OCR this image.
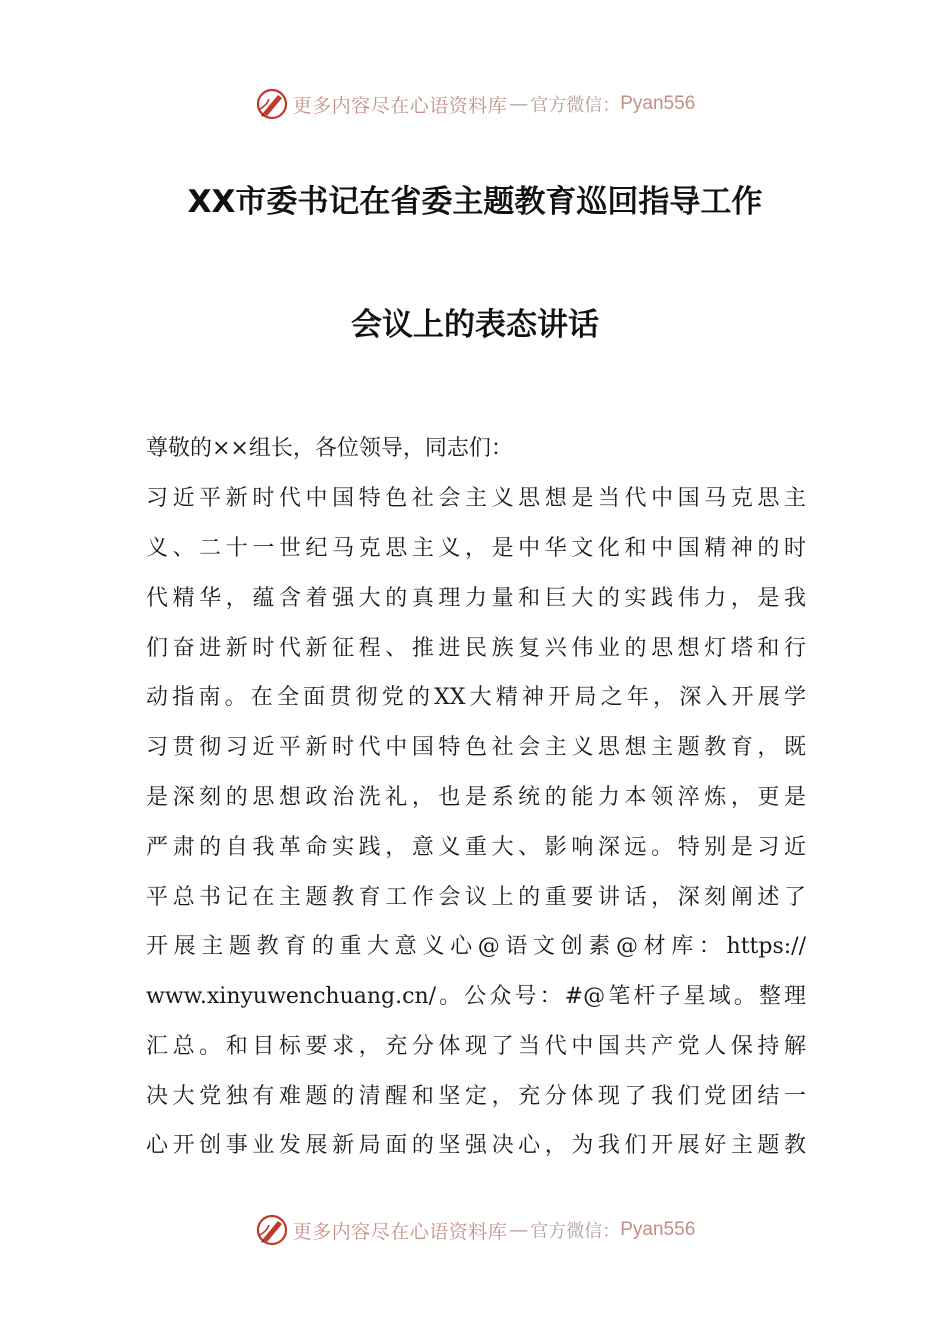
更多内容尽在心语资料库 — 官方微信： Pyan556
XX市委书记在省委主题教育巡回指导工作
会议上的表态讲话
尊敬的××组长，各位领导，同志们：
习近平新时代中国特色社会主义思想是当代中国马克思主
义、二十一世纪马克思主义，是中华文化和中国精神的时
代精华，蕴含着强大的真理力量和巨大的实践伟力，是我
们奋进新时代新征程、推进民族复兴伟业的思想灯塔和行
动指南。在全面贯彻党的XX大精神开局之年，深入开展学
习贯彻习近平新时代中国特色社会主义思想主题教育，既
是深刻的思想政治洗礼，也是系统的能力本领淬炼，更是
严肃的自我革命实践，意义重大、影响深远。特别是习近
平总书记在主题教育工作会议上的重要讲话，深刻阐述了
开展主题教育的重大意义心@语文创素@材库：https://
www.xinyuwenchuang.cn/。公众号：#@笔杆子星域。整理
汇总。和目标要求，充分体现了当代中国共产党人保持解
决大党独有难题的清醒和坚定，充分体现了我们党团结一
心开创事业发展新局面的坚强决心，为我们开展好主题教
更多内容尽在心语资料库 — 官方微信： Pyan556
